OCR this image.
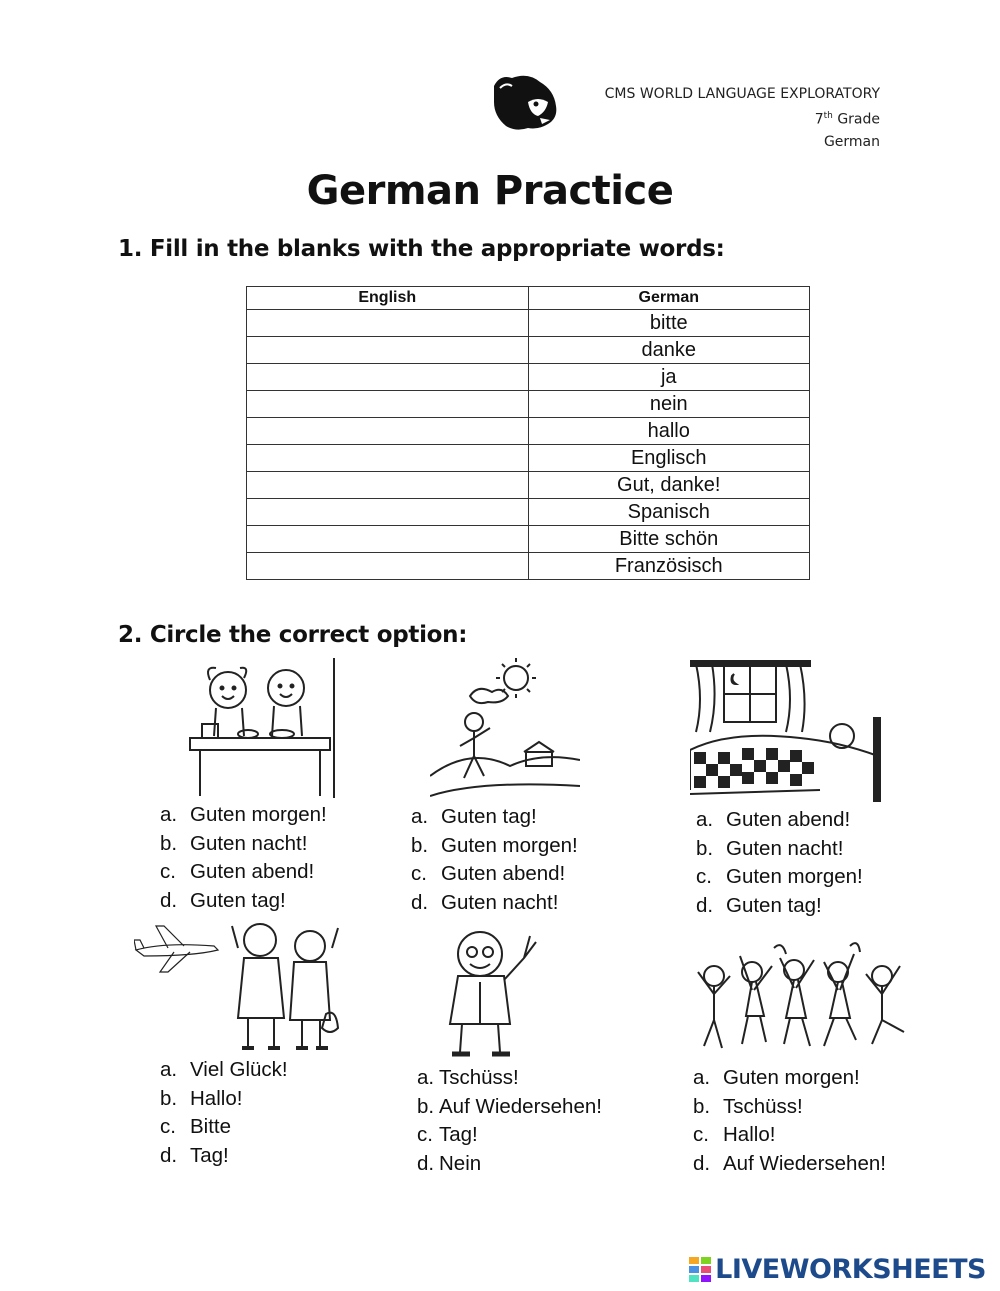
CMS WORLD LANGUAGE EXPLORATORY
7th Grade
German
German Practice
1. Fill in the blanks with the appropriate words:
English	German
	bitte
	danke
	ja
	nein
	hallo
	Englisch
	Gut, danke!
	Spanisch
	Bitte schön
	Französisch
2. Circle the correct option:
a. Guten morgen!
b. Guten nacht!
c. Guten abend!
d. Guten tag!
a. Guten tag!
b. Guten morgen!
c. Guten abend!
d. Guten nacht!
a. Guten abend!
b. Guten nacht!
c. Guten morgen!
d. Guten tag!
a. Viel Glück!
b. Hallo!
c. Bitte
d. Tag!
a. Tschüss!
b. Auf Wiedersehen!
c. Tag!
d. Nein
a. Guten morgen!
b. Tschüss!
c. Hallo!
d. Auf Wiedersehen!
LIVEWORKSHEETS
